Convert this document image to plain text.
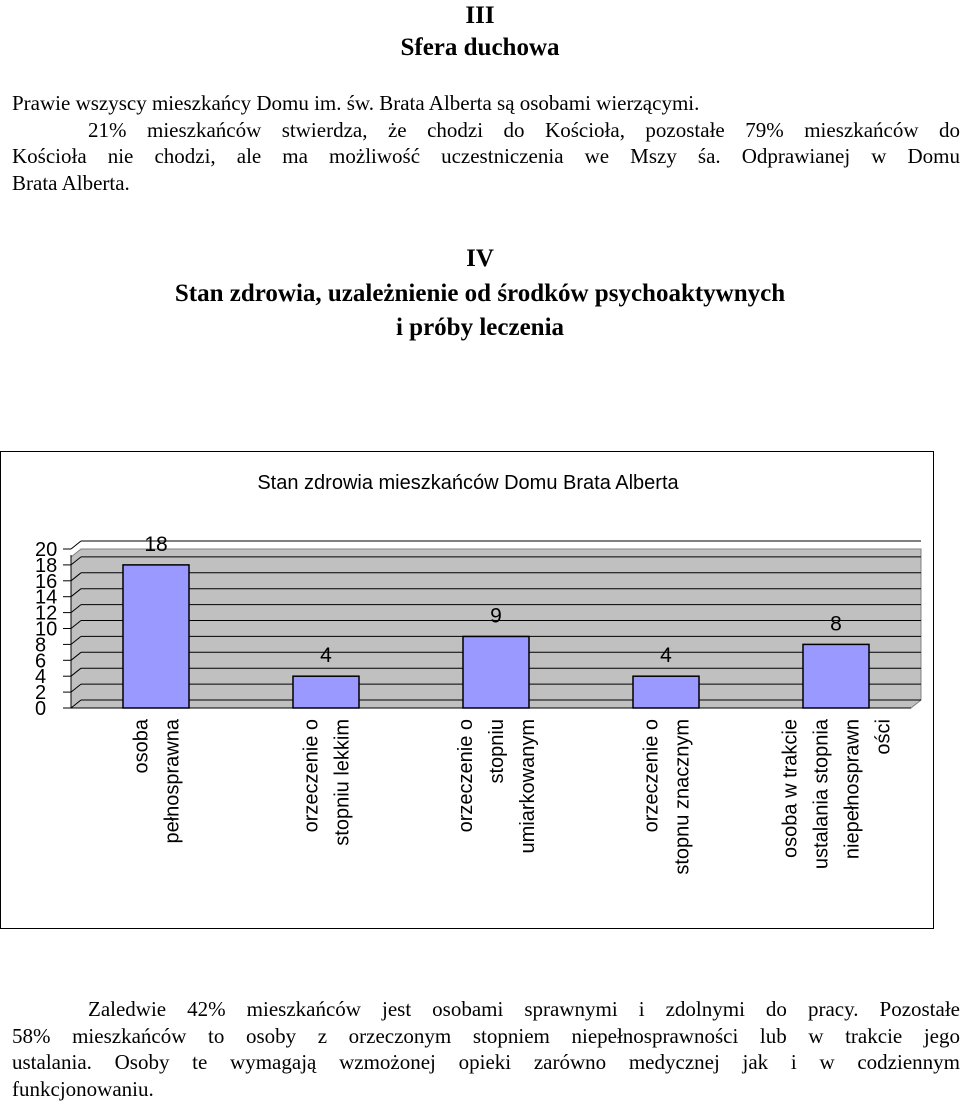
III
Sfera duchowa
Prawie wszyscy mieszkańcy Domu im. św. Brata Alberta są osobami wierzącymi.
21% mieszkańców stwierdza, że chodzi do Kościoła, pozostałe 79% mieszkańców do
Kościoła nie chodzi, ale ma możliwość uczestniczenia we Mszy śa. Odprawianej w Domu
Brata Alberta.
IV
Stan zdrowia, uzależnienie od środków psychoaktywnych
i próby leczenia
Stan zdrowia mieszkańców Domu Brata Alberta
0
2
4
6
8
10
12
14
16
18
20	18
osoba pełnosprawna
4
orzeczenie o stopniu lekkim
9
orzeczenie o stopniu umiarkowanym
4
orzeczenie o stopnu znacznym
8
osoba w trakcie ustalania stopnia niepełnosprawn ości
Zaledwie 42% mieszkańców jest osobami sprawnymi i zdolnymi do pracy. Pozostałe
58% mieszkańców to osoby z orzeczonym stopniem niepełnosprawności lub w trakcie jego
ustalania. Osoby te wymagają wzmożonej opieki zarówno medycznej jak i w codziennym
funkcjonowaniu.
